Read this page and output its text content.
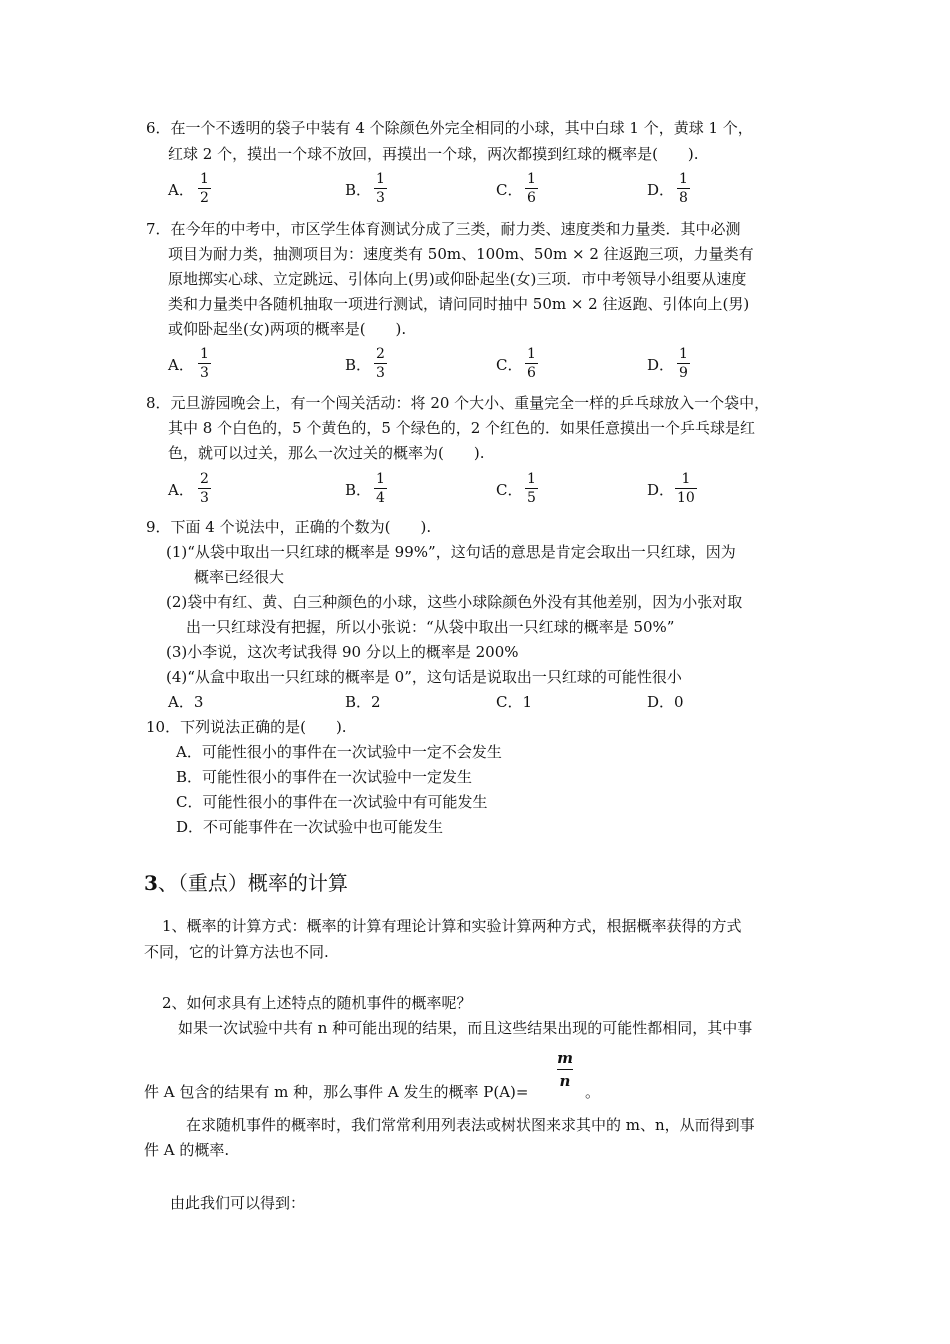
6．在一个不透明的袋子中装有 4 个除颜色外完全相同的小球，其中白球 1 个，黄球 1 个，
红球 2 个，摸出一个球不放回，再摸出一个球，两次都摸到红球的概率是(　　).
A．
1
2	B．
1
3	C．
1
6	D．
1
8
7．在今年的中考中，市区学生体育测试分成了三类，耐力类、速度类和力量类．其中必测
项目为耐力类，抽测项目为：速度类有 50m、100m、50m × 2 往返跑三项，力量类有
原地掷实心球、立定跳远、引体向上(男)或仰卧起坐(女)三项．市中考领导小组要从速度
类和力量类中各随机抽取一项进行测试，请问同时抽中 50m × 2 往返跑、引体向上(男)
或仰卧起坐(女)两项的概率是(　　).
A．
1
3	B．
2
3	C．
1
6	D．
1
9
8．元旦游园晚会上，有一个闯关活动：将 20 个大小、重量完全一样的乒乓球放入一个袋中，
其中 8 个白色的，5 个黄色的，5 个绿色的，2 个红色的．如果任意摸出一个乒乓球是红
色，就可以过关，那么一次过关的概率为(　　).
A．
2
3	B．
1
4	C．
1
5	D．
1
10
9．下面 4 个说法中，正确的个数为(　　).
(1)“从袋中取出一只红球的概率是 99%”，这句话的意思是肯定会取出一只红球，因为
概率已经很大
(2)袋中有红、黄、白三种颜色的小球，这些小球除颜色外没有其他差别，因为小张对取
出一只红球没有把握，所以小张说：“从袋中取出一只红球的概率是 50%”
(3)小李说，这次考试我得 90 分以上的概率是 200%
(4)“从盒中取出一只红球的概率是 0”，这句话是说取出一只红球的可能性很小
A．3	B．2	C．1	D．0
10．下列说法正确的是(　　).
A．可能性很小的事件在一次试验中一定不会发生
B．可能性很小的事件在一次试验中一定发生
C．可能性很小的事件在一次试验中有可能发生
D．不可能事件在一次试验中也可能发生
3、（重点）概率的计算
1、概率的计算方式：概率的计算有理论计算和实验计算两种方式，根据概率获得的方式
不同，它的计算方法也不同.
2、如何求具有上述特点的随机事件的概率呢？
如果一次试验中共有 n 种可能出现的结果，而且这些结果出现的可能性都相同，其中事
件 A 包含的结果有 m 种，那么事件 A 发生的概率 P(A)=
m
n
。
在求随机事件的概率时，我们常常利用列表法或树状图来求其中的 m、n，从而得到事
件 A 的概率.
由此我们可以得到：
